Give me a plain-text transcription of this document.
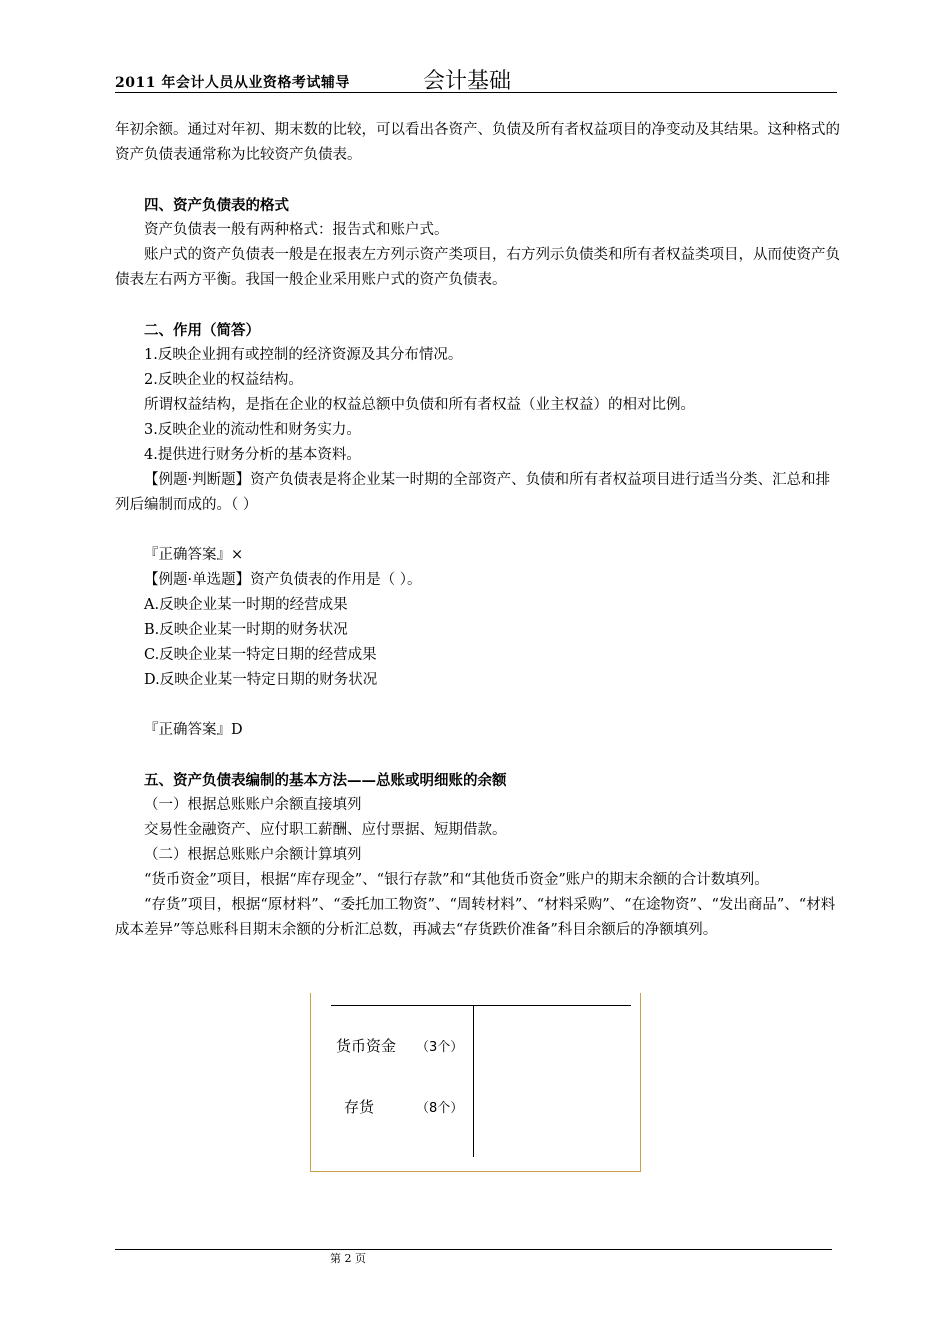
2011 年会计人员从业资格考试辅导	会计基础

年初余额。通过对年初、期末数的比较，可以看出各资产、负债及所有者权益项目的净变动及其结果。这种格式的资产负债表通常称为比较资产负债表。

四、资产负债表的格式

资产负债表一般有两种格式：报告式和账户式。

账户式的资产负债表一般是在报表左方列示资产类项目，右方列示负债类和所有者权益类项目，从而使资产负债表左右两方平衡。我国一般企业采用账户式的资产负债表。

二、作用（简答）

1.反映企业拥有或控制的经济资源及其分布情况。

2.反映企业的权益结构。

所谓权益结构，是指在企业的权益总额中负债和所有者权益（业主权益）的相对比例。

3.反映企业的流动性和财务实力。

4.提供进行财务分析的基本资料。

【例题·判断题】资产负债表是将企业某一时期的全部资产、负债和所有者权益项目进行适当分类、汇总和排列后编制而成的。（ ）

『正确答案』×

【例题·单选题】资产负债表的作用是（ ）。

A.反映企业某一时期的经营成果

B.反映企业某一时期的财务状况

C.反映企业某一特定日期的经营成果

D.反映企业某一特定日期的财务状况

『正确答案』D

五、资产负债表编制的基本方法——总账或明细账的余额

（一）根据总账账户余额直接填列

交易性金融资产、应付职工薪酬、应付票据、短期借款。

（二）根据总账账户余额计算填列

“货币资金”项目，根据“库存现金”、“银行存款”和“其他货币资金”账户的期末余额的合计数填列。

“存货”项目，根据“原材料”、“委托加工物资”、“周转材料”、“材料采购”、“在途物资”、“发出商品”、“材料成本差异”等总账科目期末余额的分析汇总数，再减去“存货跌价准备”科目余额后的净额填列。

货币资金 （3个）
存货	（8个）
第 2 页
